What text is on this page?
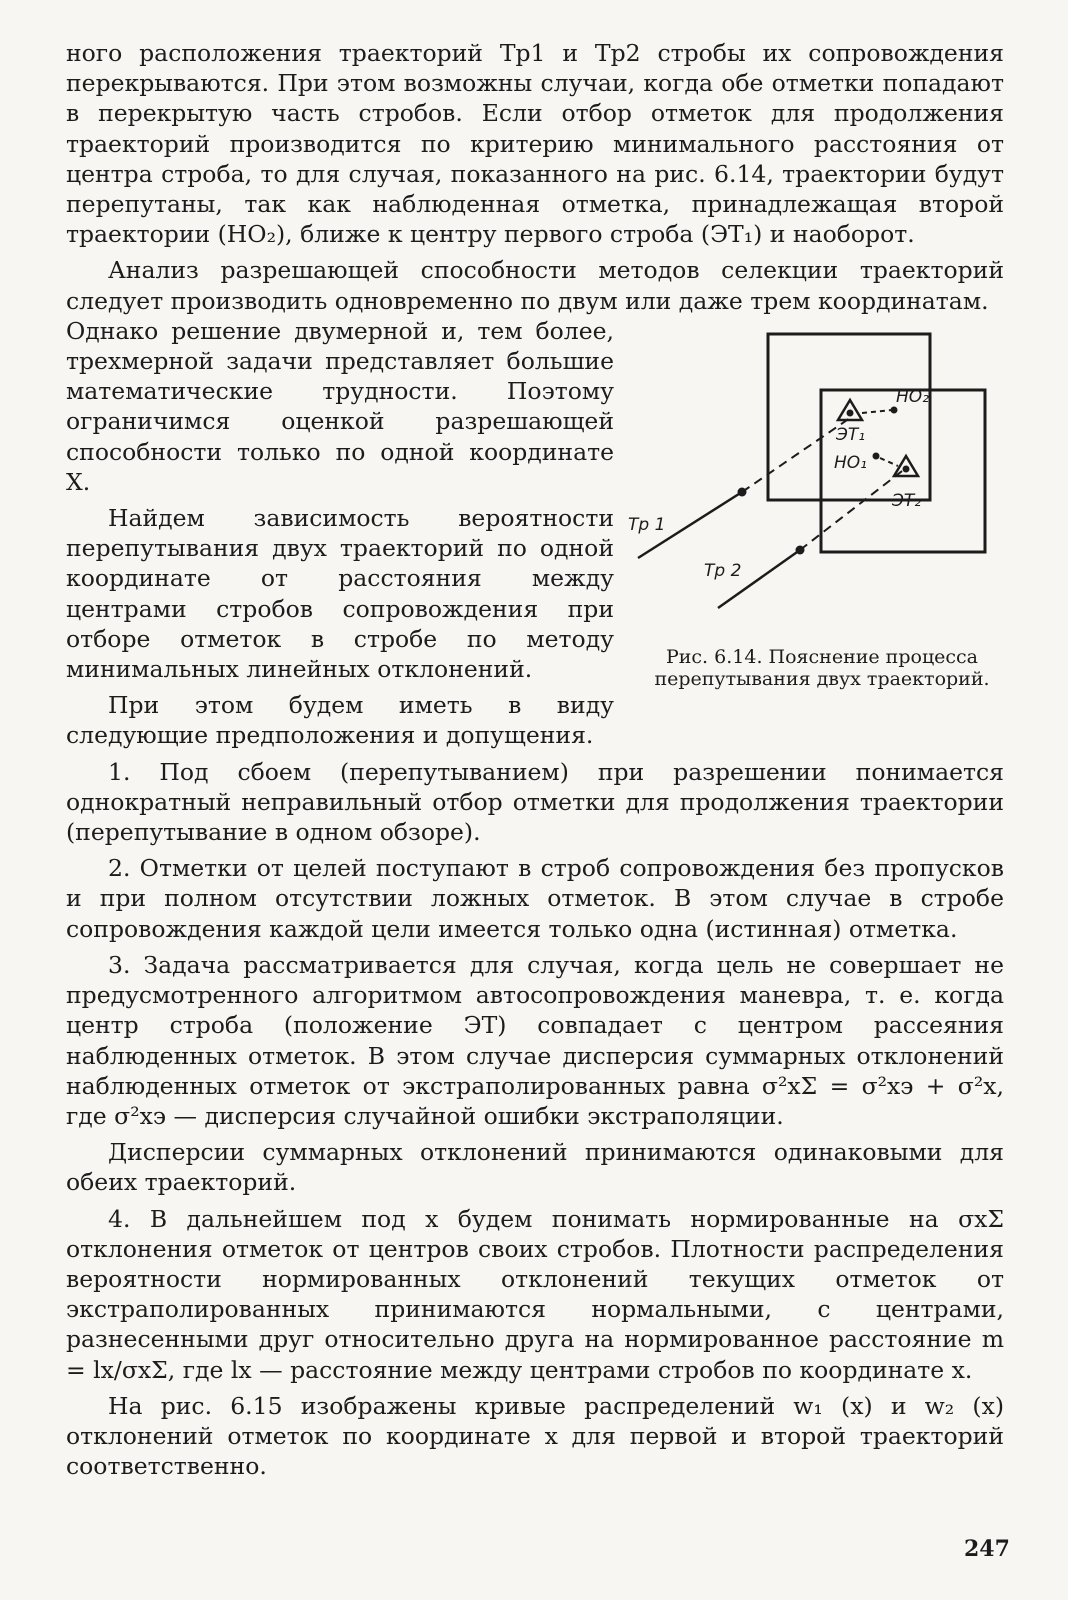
ного расположения траекторий Тр1 и Тр2 стробы их сопровождения перекрываются. При этом возможны случаи, когда обе отметки попадают в перекрытую часть стробов. Если отбор отметок для продолжения траекторий производится по критерию минимального расстояния от центра строба, то для случая, показанного на рис. 6.14, траектории будут перепутаны, так как наблюденная отметка, принадлежащая второй траектории (НО₂), ближе к центру первого строба (ЭТ₁) и наоборот.

Анализ разрешающей способности методов селекции траекторий следует производить одновременно по двум или даже трем координатам.

НО₂
ЭТ₁
НО₁
ЭТ₂
Тр 1
Тр 2
Рис. 6.14. Пояснение процесса перепутывания двух траекторий.

Однако решение двумерной и, тем более, трехмерной задачи представляет большие математические трудности. Поэтому ограничимся оценкой разрешающей способности только по одной координате X.

Найдем зависимость вероятности перепутывания двух траекторий по одной координате от расстояния между центрами стробов сопровождения при отборе отметок в стробе по методу минимальных линейных отклонений.

При этом будем иметь в виду следующие предположения и допущения.

1. Под сбоем (перепутыванием) при разрешении понимается однократный неправильный отбор отметки для продолжения траектории (перепутывание в одном обзоре).

2. Отметки от целей поступают в строб сопровождения без пропусков и при полном отсутствии ложных отметок. В этом случае в стробе сопровождения каждой цели имеется только одна (истинная) отметка.

3. Задача рассматривается для случая, когда цель не совершает не предусмотренного алгоритмом автосопровождения маневра, т. е. когда центр строба (положение ЭТ) совпадает с центром рассеяния наблюденных отметок. В этом случае дисперсия суммарных отклонений наблюденных отметок от экстраполированных равна σ²xΣ = σ²xэ + σ²x, где σ²xэ — дисперсия случайной ошибки экстраполяции.

Дисперсии суммарных отклонений принимаются одинаковыми для обеих траекторий.

4. В дальнейшем под x будем понимать нормированные на σxΣ отклонения отметок от центров своих стробов. Плотности распределения вероятности нормированных отклонений текущих отметок от экстраполированных принимаются нормальными, с центрами, разнесенными друг относительно друга на нормированное расстояние m = lx/σxΣ, где lx — расстояние между центрами стробов по координате x.

На рис. 6.15 изображены кривые распределений w₁ (x) и w₂ (x) отклонений отметок по координате x для первой и второй траекторий соответственно.

247
